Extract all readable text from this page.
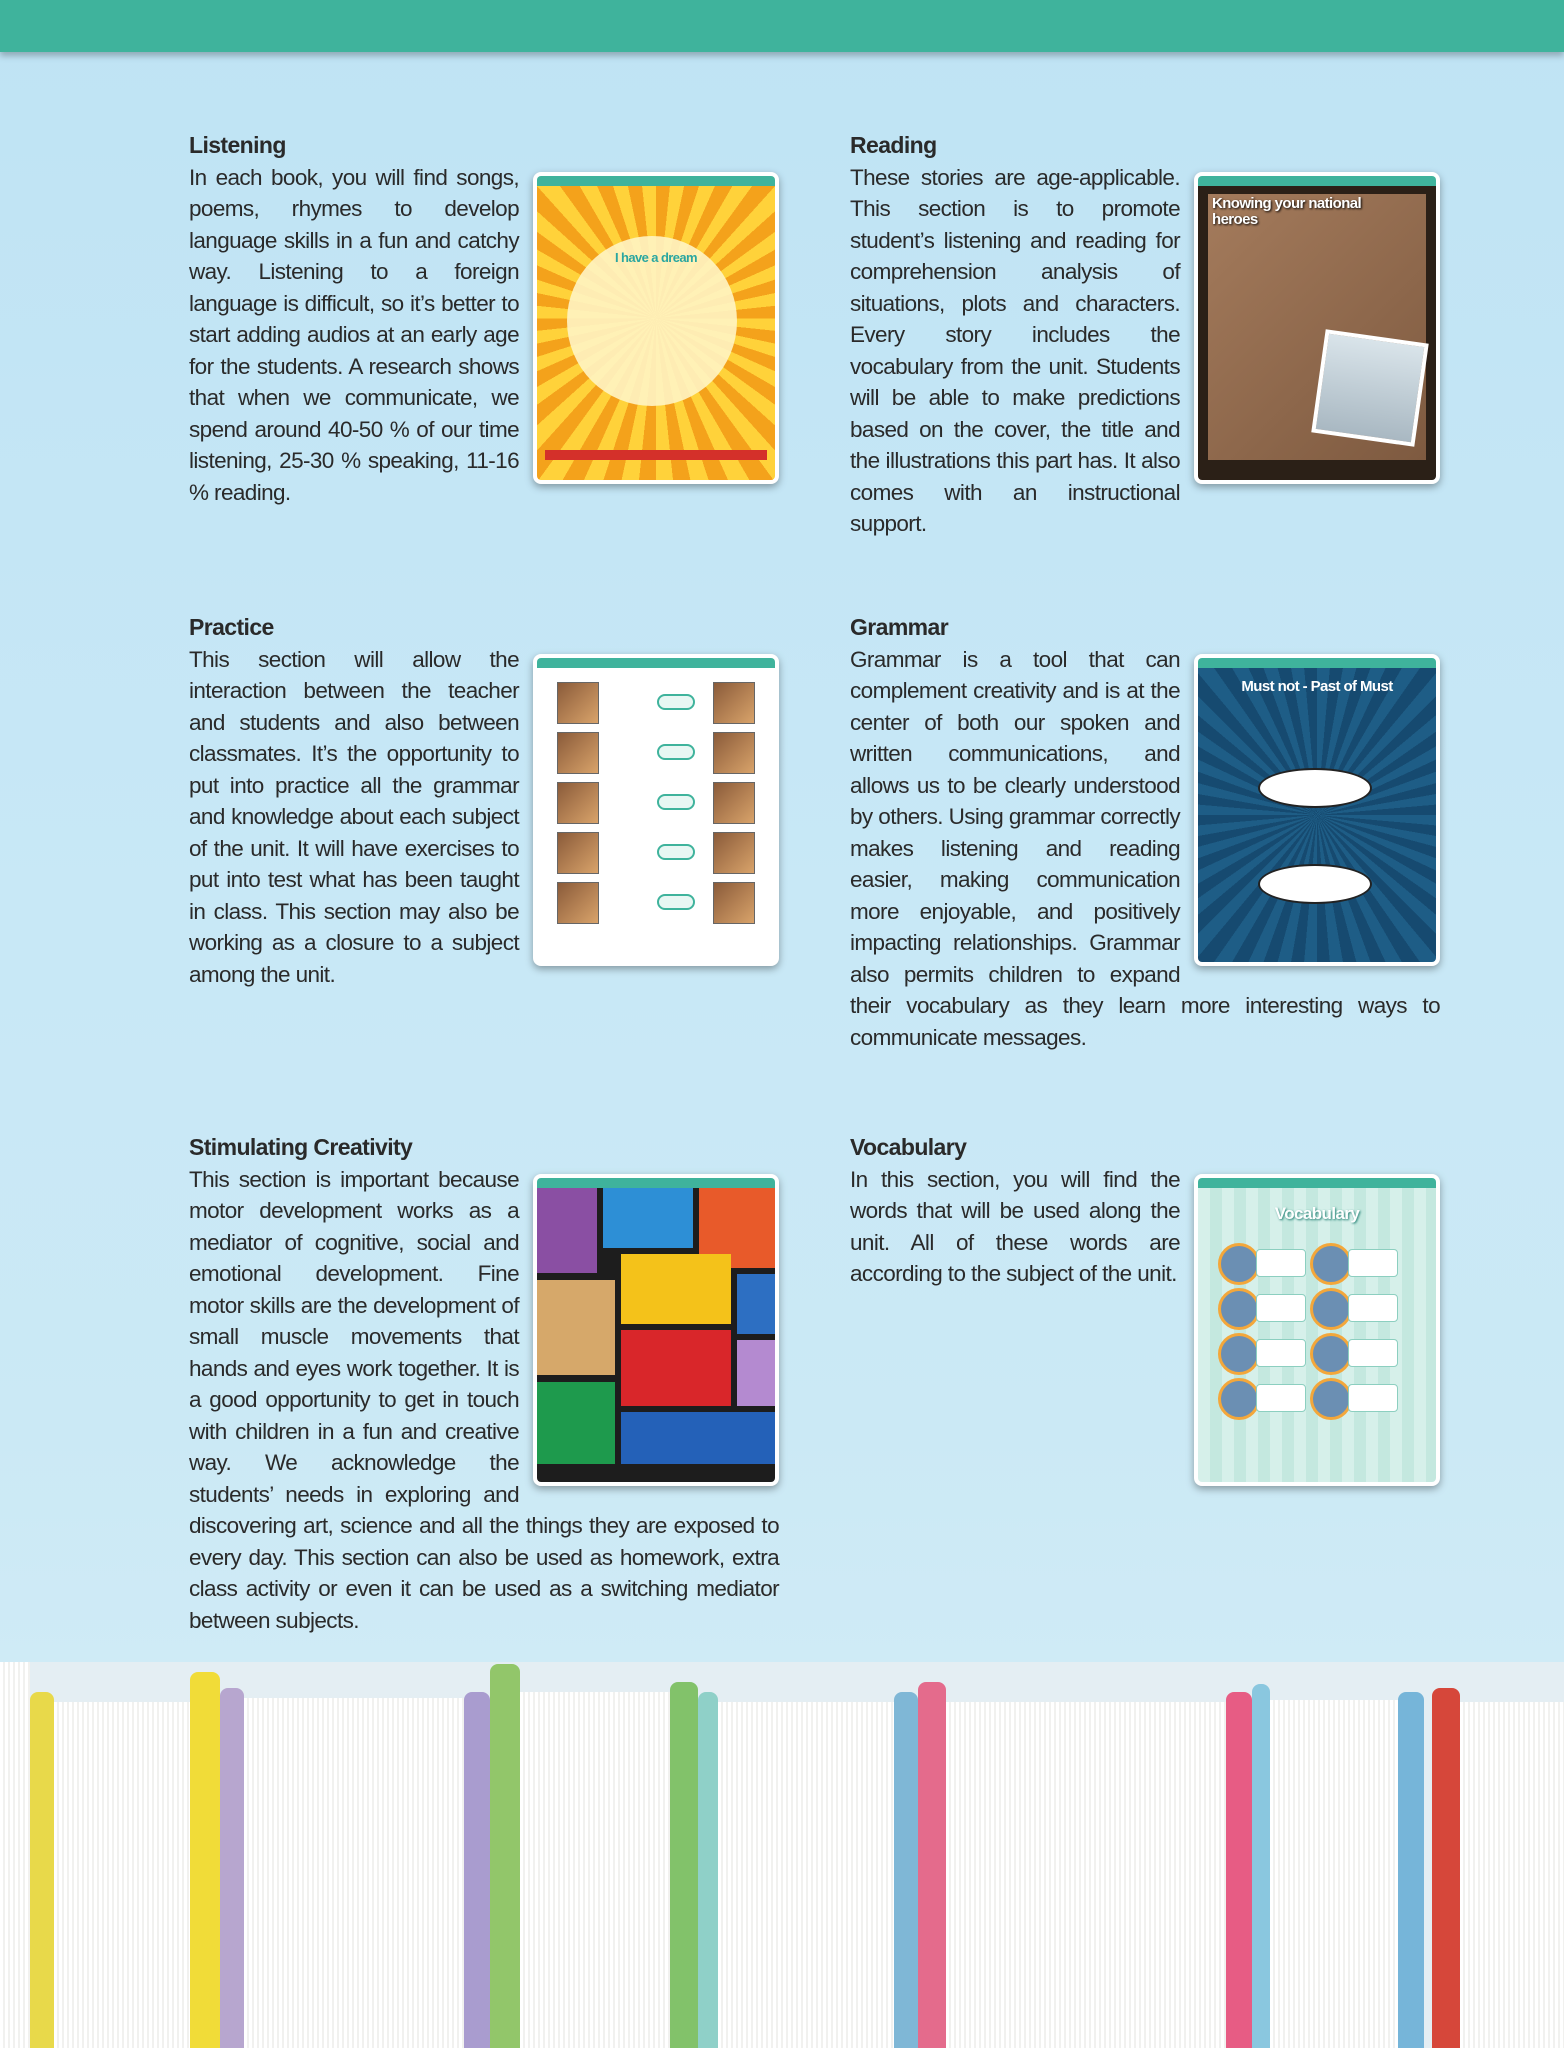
Listening
I have a dream

In each book, you will find songs, poems, rhymes to develop language skills in a fun and catchy way. Listening to a foreign language is difficult, so it’s better to start adding audios at an early age for the students. A research shows that when we communicate, we spend around 40-50 % of our time listening, 25-30 % speaking, 11-16 % reading.

Reading
Knowing your national heroes

These stories are age-applicable. This section is to promote student’s listening and reading for comprehension analysis of situations, plots and characters. Every story includes the vocabulary from the unit. Students will be able to make predictions based on the cover, the title and the illustrations this part has. It also comes with an instructional support.

Practice

This section will allow the interaction between the teacher and students and also between classmates. It’s the opportunity to put into practice all the grammar and knowledge about each subject of the unit. It will have exercises to put into test what has been taught in class. This section may also be working as a closure to a subject among the unit.

Grammar
Must not - Past of Must

Grammar is a tool that can complement creativity and is at the center of both our spoken and written communications, and allows us to be clearly understood by others. Using grammar correctly makes listening and reading easier, making communication more enjoyable, and positively impacting relationships. Grammar also permits children to expand their vocabulary as they learn more interesting ways to communicate messages.

Stimulating Creativity

This section is important because motor development works as a mediator of cognitive, social and emotional development. Fine motor skills are the development of small muscle movements that hands and eyes work together. It is a good opportunity to get in touch with children in a fun and creative way. We acknowledge the students’ needs in exploring and discovering art, science and all the things they are exposed to every day. This section can also be used as homework, extra class activity or even it can be used as a switching mediator between subjects.

Vocabulary
Vocabulary

In this section, you will find the words that will be used along the unit. All of these words are according to the subject of the unit.
